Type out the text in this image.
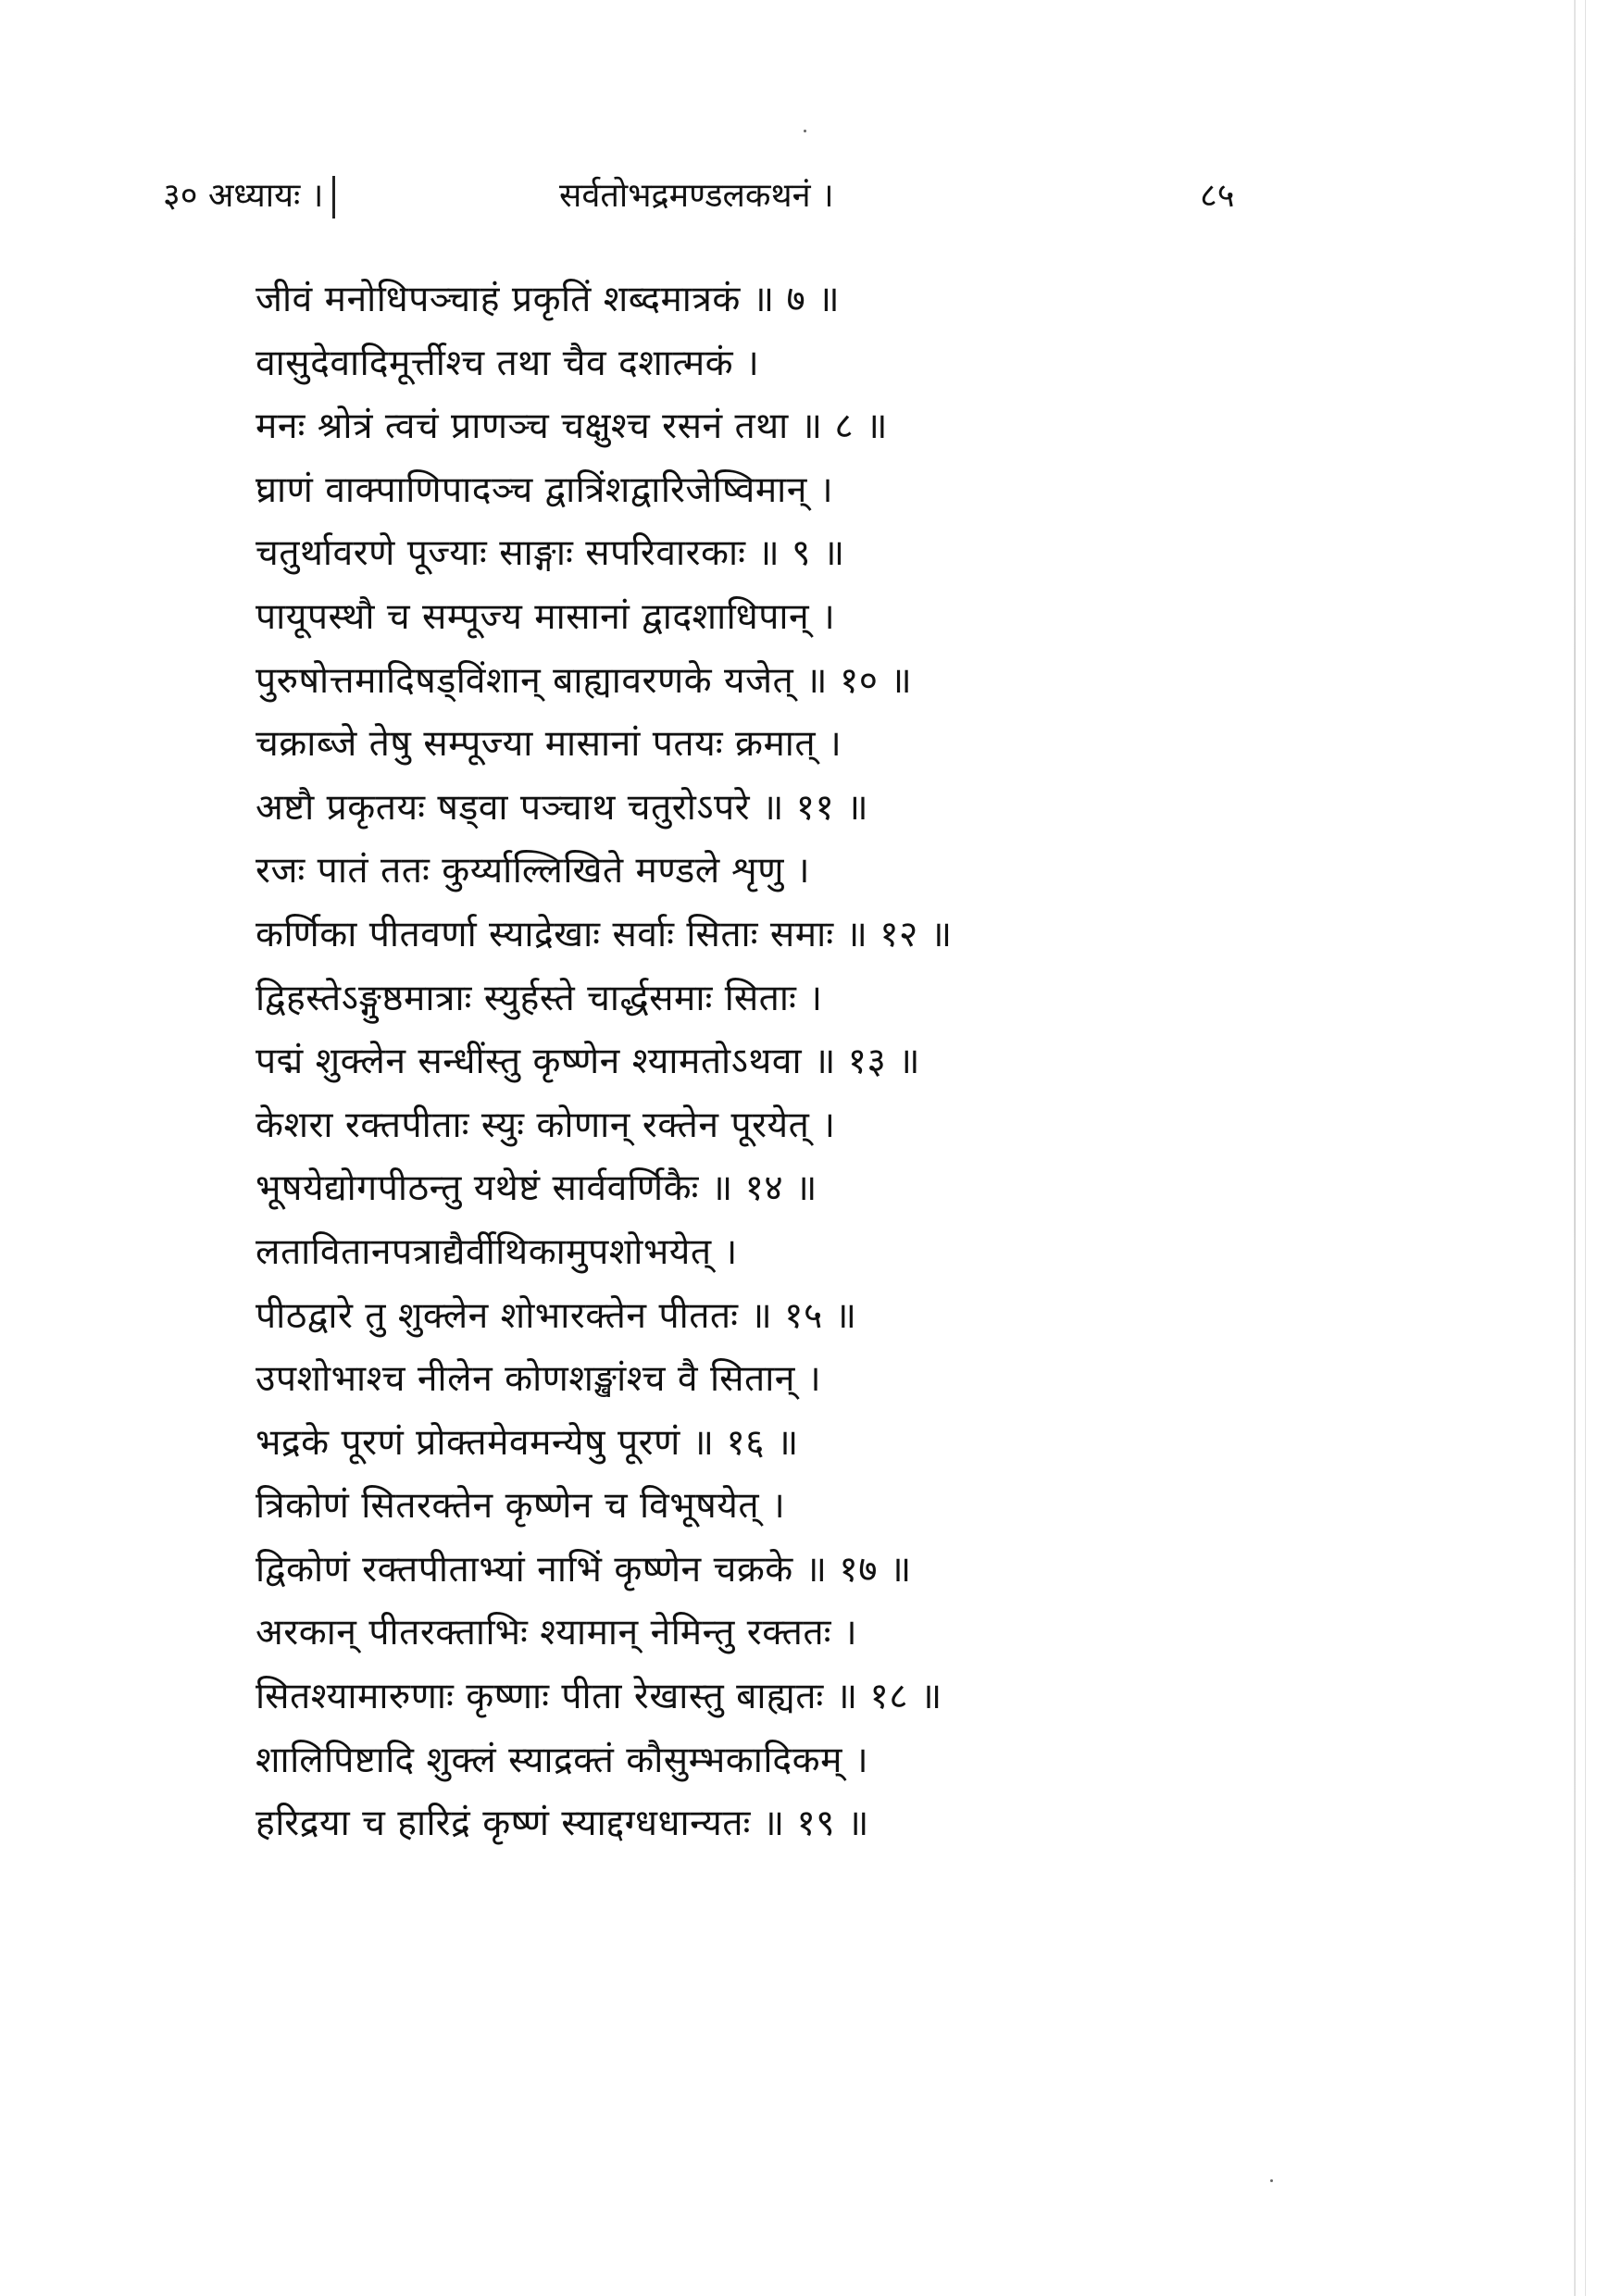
३० अध्यायः ।	सर्वतोभद्रमण्डलकथनं ।	८५
जीवं मनोधिपञ्चाहं प्रकृतिं शब्दमात्रकं ॥ ७ ॥
वासुदेवादिमूर्त्तीश्च तथा चैव दशात्मकं ।
मनः श्रोत्रं त्वचं प्राणञ्च चक्षुश्च रसनं तथा ॥ ८ ॥
घ्राणं वाक्पाणिपादञ्च द्वात्रिंशद्वारिजेष्विमान् ।
चतुर्थावरणे पूज्याः साङ्गाः सपरिवारकाः ॥ ९ ॥
पायूपस्थौ च सम्पूज्य मासानां द्वादशाधिपान् ।
पुरुषोत्तमादिषड्विंशान् बाह्यावरणके यजेत् ॥ १० ॥
चक्राब्जे तेषु सम्पूज्या मासानां पतयः क्रमात् ।
अष्टौ प्रकृतयः षड्वा पञ्चाथ चतुरोऽपरे ॥ ११ ॥
रजः पातं ततः कुर्य्याल्लिखिते मण्डले शृणु ।
कर्णिका पीतवर्णा स्याद्रेखाः सर्वाः सिताः समाः ॥ १२ ॥
द्विहस्तेऽङ्गुष्ठमात्राः स्युर्हस्ते चार्द्धसमाः सिताः ।
पद्मं शुक्लेन सन्धींस्तु कृष्णेन श्यामतोऽथवा ॥ १३ ॥
केशरा रक्तपीताः स्युः कोणान् रक्तेन पूरयेत् ।
भूषयेद्योगपीठन्तु यथेष्टं सार्ववर्णिकैः ॥ १४ ॥
लतावितानपत्राद्यैर्वीथिकामुपशोभयेत् ।
पीठद्वारे तु शुक्लेन शोभारक्तेन पीततः ॥ १५ ॥
उपशोभाश्च नीलेन कोणशङ्खांश्च वै सितान् ।
भद्रके पूरणं प्रोक्तमेवमन्येषु पूरणं ॥ १६ ॥
त्रिकोणं सितरक्तेन कृष्णेन च विभूषयेत् ।
द्विकोणं रक्तपीताभ्यां नाभिं कृष्णेन चक्रके ॥ १७ ॥
अरकान् पीतरक्ताभिः श्यामान् नेमिन्तु रक्ततः ।
सितश्यामारुणाः कृष्णाः पीता रेखास्तु बाह्यतः ॥ १८ ॥
शालिपिष्टादि शुक्लं स्याद्रक्तं कौसुम्भकादिकम् ।
हरिद्रया च हारिद्रं कृष्णं स्याद्दग्धधान्यतः ॥ १९ ॥
